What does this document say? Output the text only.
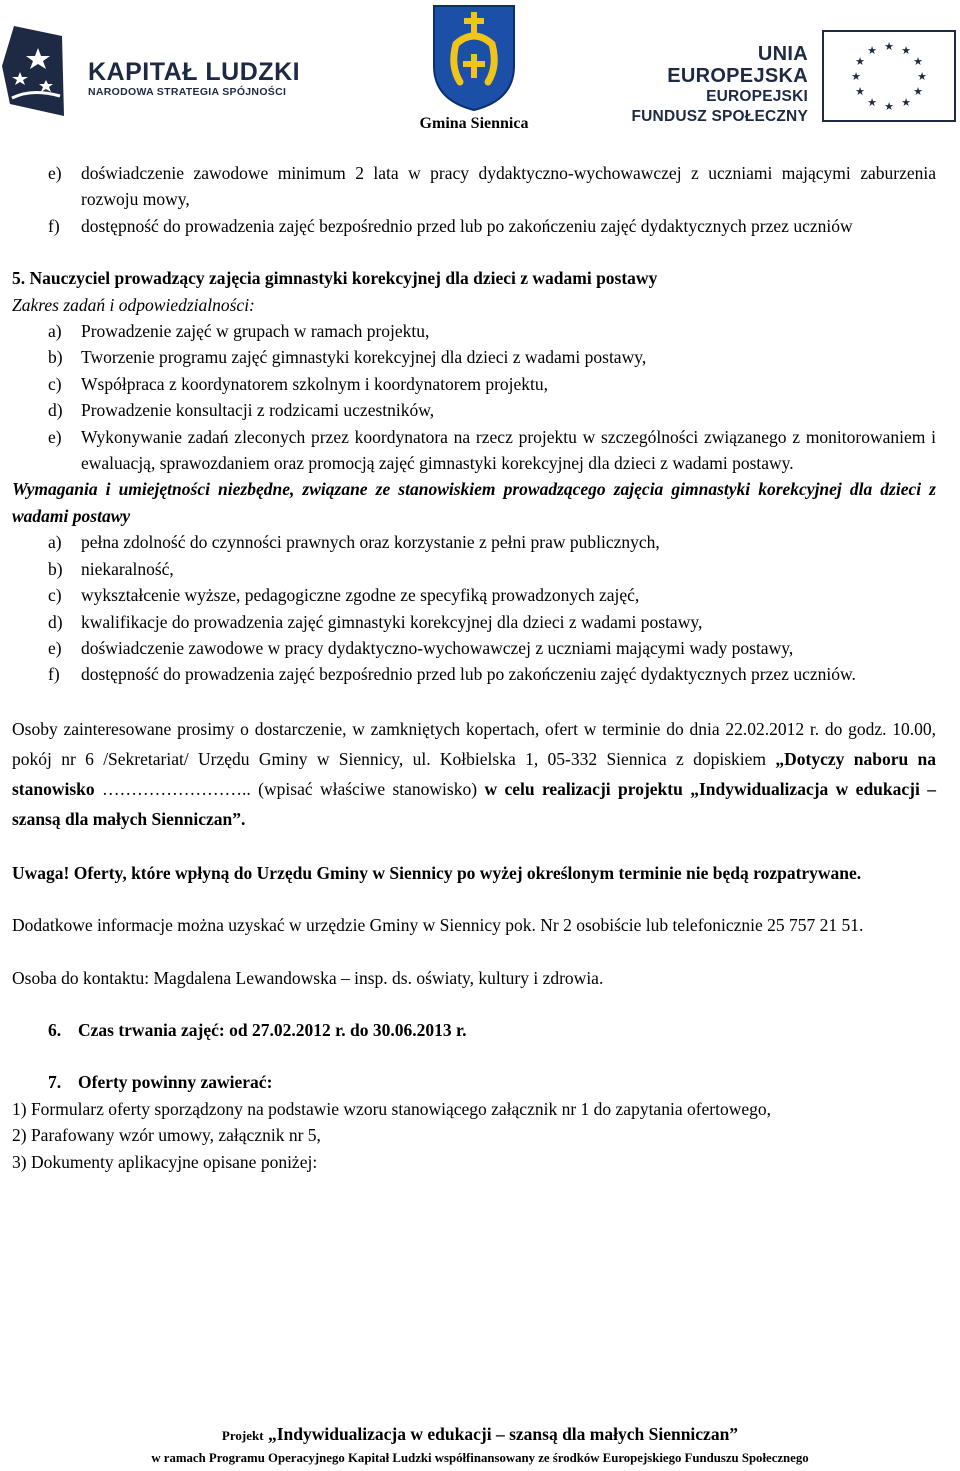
KAPITAŁ LUDZKI
NARODOWA STRATEGIA SPÓJNOŚCI
Gmina Siennica
UNIA EUROPEJSKA
EUROPEJSKI
FUNDUSZ SPOŁECZNY
★ ★
★
★
★
★
★
★
★
★
★
★
e) doświadczenie zawodowe minimum 2 lata w pracy dydaktyczno-wychowawczej z uczniami mającymi zaburzenia rozwoju mowy,
f) dostępność do prowadzenia zajęć bezpośrednio przed lub po zakończeniu zajęć dydaktycznych przez uczniów
5. Nauczyciel prowadzący zajęcia gimnastyki korekcyjnej dla dzieci z wadami postawy
Zakres zadań i odpowiedzialności:
a) Prowadzenie zajęć w grupach w ramach projektu,
b) Tworzenie programu zajęć gimnastyki korekcyjnej dla dzieci z wadami postawy,
c) Współpraca z koordynatorem szkolnym i koordynatorem projektu,
d) Prowadzenie konsultacji z rodzicami uczestników,
e) Wykonywanie zadań zleconych przez koordynatora na rzecz projektu w szczególności związanego z monitorowaniem i ewaluacją, sprawozdaniem oraz promocją zajęć gimnastyki korekcyjnej dla dzieci z wadami postawy.
Wymagania i umiejętności niezbędne, związane ze stanowiskiem prowadzącego zajęcia gimnastyki korekcyjnej dla dzieci z wadami postawy
a) pełna zdolność do czynności prawnych oraz korzystanie z pełni praw publicznych,
b) niekaralność,
c) wykształcenie wyższe, pedagogiczne zgodne ze specyfiką prowadzonych zajęć,
d) kwalifikacje do prowadzenia zajęć gimnastyki korekcyjnej dla dzieci z wadami postawy,
e) doświadczenie zawodowe w pracy dydaktyczno-wychowawczej z uczniami mającymi wady postawy,
f) dostępność do prowadzenia zajęć bezpośrednio przed lub po zakończeniu zajęć dydaktycznych przez uczniów.
Osoby zainteresowane prosimy o dostarczenie, w zamkniętych kopertach, ofert w terminie do dnia 22.02.2012 r. do godz. 10.00, pokój nr 6 /Sekretariat/ Urzędu Gminy w Siennicy, ul. Kołbielska 1, 05-332 Siennica z dopiskiem „Dotyczy naboru na stanowisko …………………….. (wpisać właściwe stanowisko) w celu realizacji projektu „Indywidualizacja w edukacji – szansą dla małych Sienniczan”.
Uwaga! Oferty, które wpłyną do Urzędu Gminy w Siennicy po wyżej określonym terminie nie będą rozpatrywane.
Dodatkowe informacje można uzyskać w urzędzie Gminy w Siennicy pok. Nr 2 osobiście lub telefonicznie 25 757 21 51.
Osoba do kontaktu: Magdalena Lewandowska – insp. ds. oświaty, kultury i zdrowia.
6. Czas trwania zajęć: od 27.02.2012 r. do 30.06.2013 r.
7. Oferty powinny zawierać:
1) Formularz oferty sporządzony na podstawie wzoru stanowiącego załącznik nr 1 do zapytania ofertowego,
2) Parafowany wzór umowy, załącznik nr 5,
3) Dokumenty aplikacyjne opisane poniżej:
Projekt „Indywidualizacja w edukacji – szansą dla małych Sienniczan”
w ramach Programu Operacyjnego Kapitał Ludzki współfinansowany ze środków Europejskiego Funduszu Społecznego
